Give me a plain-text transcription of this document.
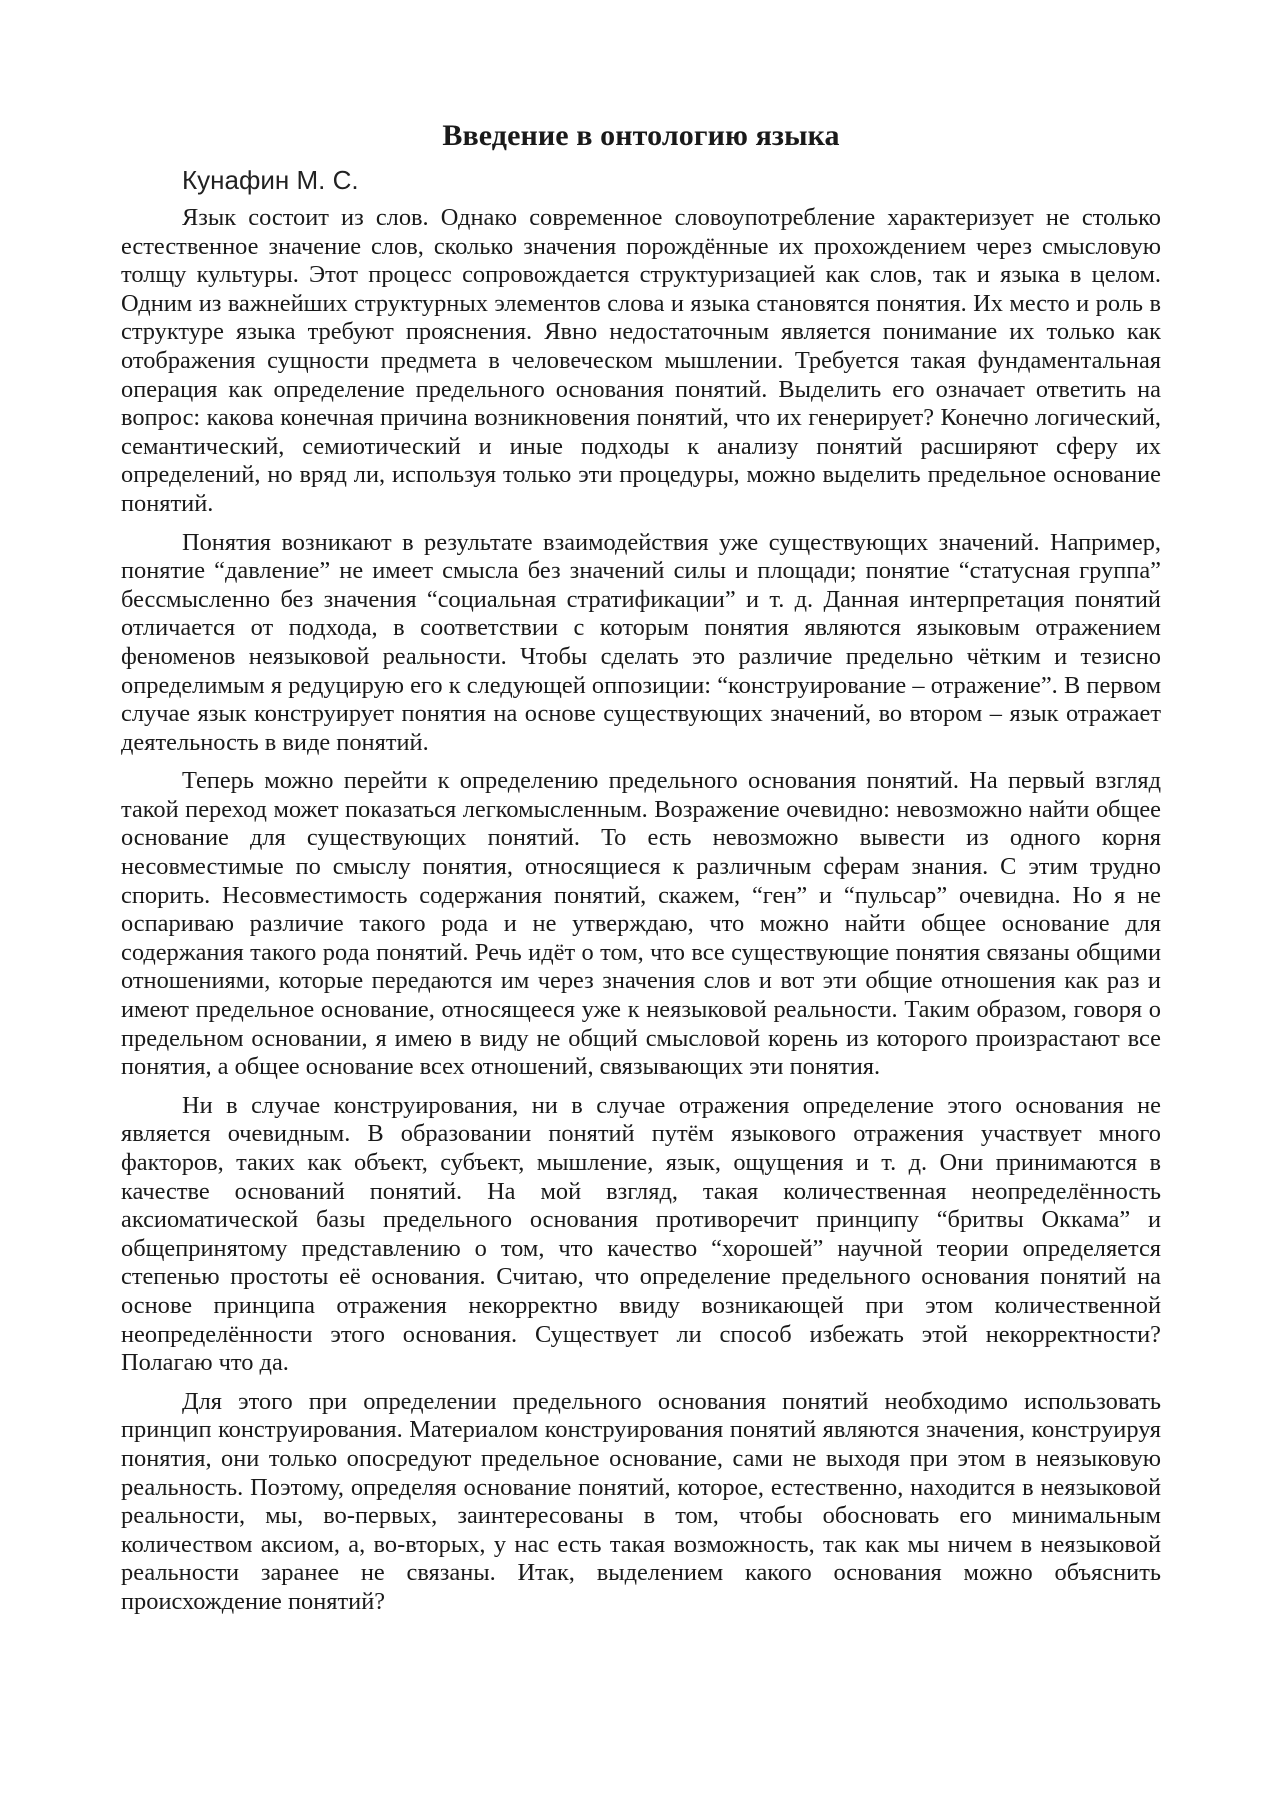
Введение в онтологию языка
Кунафин М. С.

Язык состоит из слов. Однако современное словоупотребление характеризует не столько естественное значение слов, сколько значения порождённые их прохождением через смысловую толщу культуры. Этот процесс сопровождается структуризацией как слов, так и языка в целом. Одним из важнейших структурных элементов слова и языка становятся понятия. Их место и роль в структуре языка требуют прояснения. Явно недостаточным является понимание их только как отображения сущности предмета в человеческом мышлении. Требуется такая фундаментальная операция как определение предельного основания понятий. Выделить его означает ответить на вопрос: какова конечная причина возникновения понятий, что их генерирует? Конечно логический, семантический, семиотический и иные подходы к анализу понятий расширяют сферу их определений, но вряд ли, используя только эти процедуры, можно выделить предельное основание понятий.

Понятия возникают в результате взаимодействия уже существующих значений. Например, понятие “давление” не имеет смысла без значений силы и площади; понятие “статусная группа” бессмысленно без значения “социальная стратификации” и т. д. Данная интерпретация понятий отличается от подхода, в соответствии с которым понятия являются языковым отражением феноменов неязыковой реальности. Чтобы сделать это различие предельно чётким и тезисно определимым я редуцирую его к следующей оппозиции: “конструирование – отражение”. В первом случае язык конструирует понятия на основе существующих значений, во втором – язык отражает деятельность в виде понятий.

Теперь можно перейти к определению предельного основания понятий. На первый взгляд такой переход может показаться легкомысленным. Возражение очевидно: невозможно найти общее основание для существующих понятий. То есть невозможно вывести из одного корня несовместимые по смыслу понятия, относящиеся к различным сферам знания. С этим трудно спорить. Несовместимость содержания понятий, скажем, “ген” и “пульсар” очевидна. Но я не оспариваю различие такого рода и не утверждаю, что можно найти общее основание для содержания такого рода понятий. Речь идёт о том, что все существующие понятия связаны общими отношениями, которые передаются им через значения слов и вот эти общие отношения как раз и имеют предельное основание, относящееся уже к неязыковой реальности. Таким образом, говоря о предельном основании, я имею в виду не общий смысловой корень из которого произрастают все понятия, а общее основание всех отношений, связывающих эти понятия.

Ни в случае конструирования, ни в случае отражения определение этого основания не является очевидным. В образовании понятий путём языкового отражения участвует много факторов, таких как объект, субъект, мышление, язык, ощущения и т. д. Они принимаются в качестве оснований понятий. На мой взгляд, такая количественная неопределённость аксиоматической базы предельного основания противоречит принципу “бритвы Оккама” и общепринятому представлению о том, что качество “хорошей” научной теории определяется степенью простоты её основания. Считаю, что определение предельного основания понятий на основе принципа отражения некорректно ввиду возникающей при этом количественной неопределённости этого основания. Существует ли способ избежать этой некорректности? Полагаю что да.

Для этого при определении предельного основания понятий необходимо использовать принцип конструирования. Материалом конструирования понятий являются значения, конструируя понятия, они только опосредуют предельное основание, сами не выходя при этом в неязыковую реальность. Поэтому, определяя основание понятий, которое, естественно, находится в неязыковой реальности, мы, во-первых, заинтересованы в том, чтобы обосновать его минимальным количеством аксиом, а, во-вторых, у нас есть такая возможность, так как мы ничем в неязыковой реальности заранее не связаны. Итак, выделением какого основания можно объяснить происхождение понятий?
